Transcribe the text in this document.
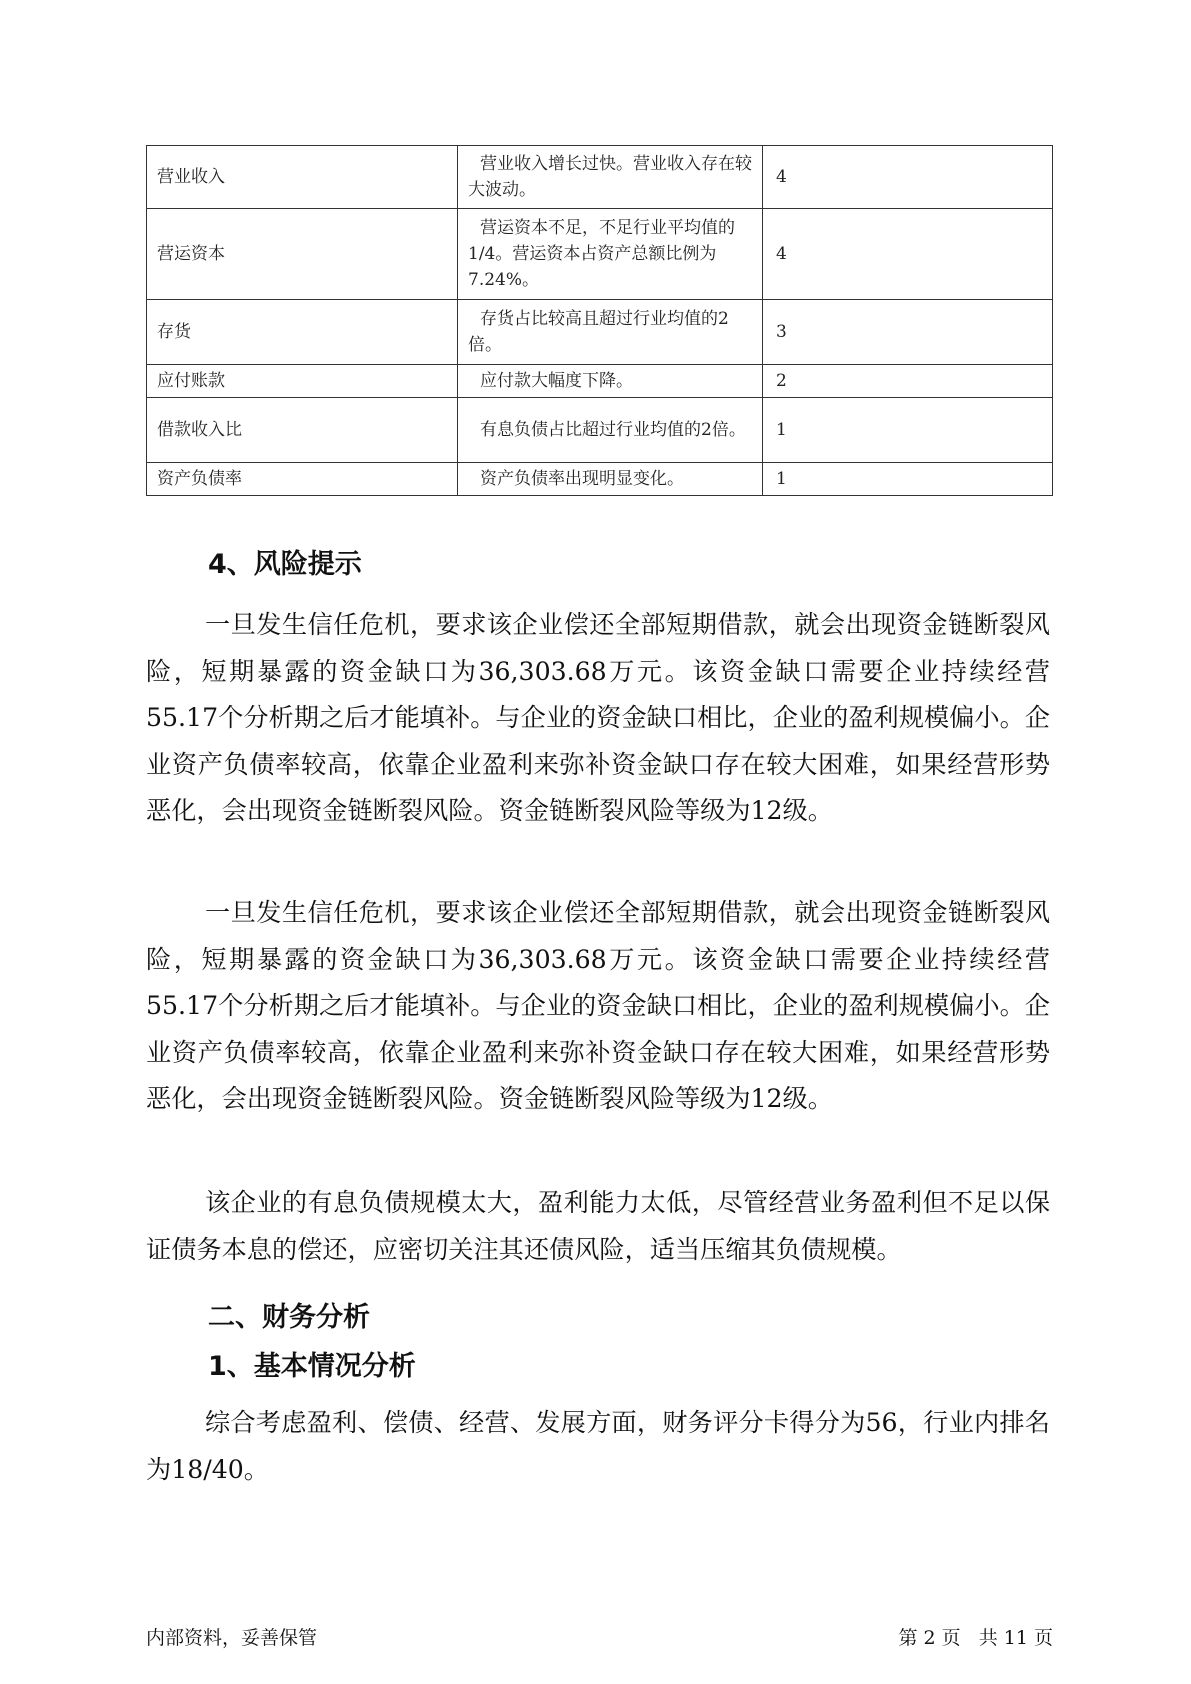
营业收入	营业收入增长过快。营业收入存在较大波动。	4
营运资本	营运资本不足，不足行业平均值的1/4。营运资本占资产总额比例为7.24%。	4
存货	存货占比较高且超过行业均值的2倍。	3
应付账款	应付款大幅度下降。	2
借款收入比	有息负债占比超过行业均值的2倍。	1
资产负债率	资产负债率出现明显变化。	1
4、风险提示

一旦发生信任危机，要求该企业偿还全部短期借款，就会出现资金链断裂风险，短期暴露的资金缺口为36,303.68万元。该资金缺口需要企业持续经营 55.17个分析期之后才能填补。与企业的资金缺口相比，企业的盈利规模偏小。企业资产负债率较高，依靠企业盈利来弥补资金缺口存在较大困难，如果经营形势恶化，会出现资金链断裂风险。资金链断裂风险等级为12级。

一旦发生信任危机，要求该企业偿还全部短期借款，就会出现资金链断裂风险，短期暴露的资金缺口为36,303.68万元。该资金缺口需要企业持续经营 55.17个分析期之后才能填补。与企业的资金缺口相比，企业的盈利规模偏小。企业资产负债率较高，依靠企业盈利来弥补资金缺口存在较大困难，如果经营形势恶化，会出现资金链断裂风险。资金链断裂风险等级为12级。

该企业的有息负债规模太大，盈利能力太低，尽管经营业务盈利但不足以保证债务本息的偿还，应密切关注其还债风险，适当压缩其负债规模。

二、财务分析
1、基本情况分析

综合考虑盈利、偿债、经营、发展方面，财务评分卡得分为56，行业内排名为18/40。

内部资料，妥善保管	第 2 页   共 11 页
